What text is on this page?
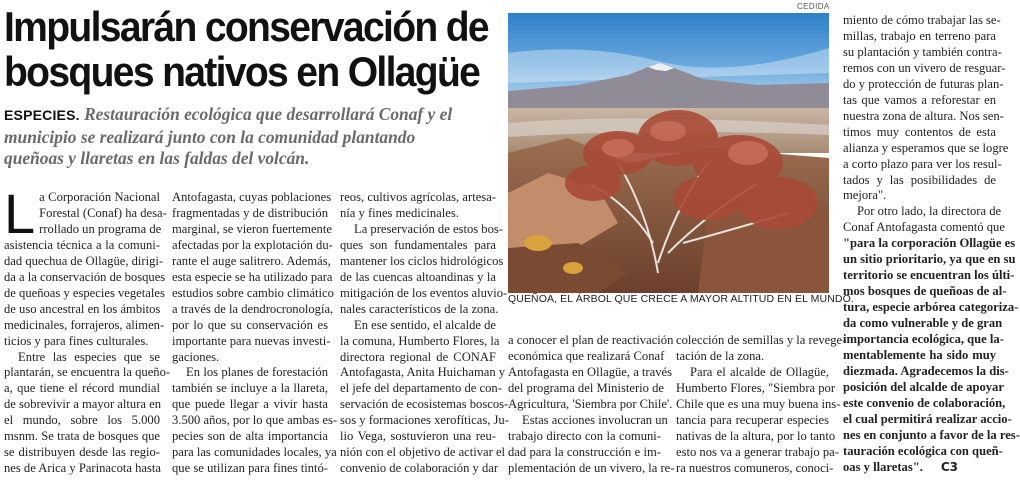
Impulsarán conservación de
bosques nativos en Ollagüe
ESPECIES. Restauración ecológica que desarrollará Conaf y el
municipio se realizará junto con la comunidad plantando
queñoas y llaretas en las faldas del volcán.
CEDIDA
QUEÑOA, EL ÁRBOL QUE CRECE A MAYOR ALTITUD EN EL MUNDO.
L a Corporación Nacional
Forestal (Conaf) ha desa-
rrollado un programa de
asistencia técnica a la comuni-
dad quechua de Ollagüe, dirigi-
da a la conservación de bosques
de queñoas y especies vegetales
de uso ancestral en los ámbitos
medicinales, forrajeros, alimen-
ticios y para fines culturales.
Entre las especies que se
plantarán, se encuentra la queño-
a, que tiene el récord mundial
de sobrevivir a mayor altura en
el mundo, sobre los 5.000
msnm. Se trata de bosques que
se distribuyen desde las regio-
nes de Arica y Parinacota hasta
Antofagasta, cuyas poblaciones
fragmentadas y de distribución
marginal, se vieron fuertemente
afectadas por la explotación du-
rante el auge salitrero. Además,
esta especie se ha utilizado para
estudios sobre cambio climático
a través de la dendrocronología,
por lo que su conservación es
importante para nuevas investi-
gaciones.
En los planes de forestación
también se incluye a la llareta,
que puede llegar a vivir hasta
3.500 años, por lo que ambas es-
pecies son de alta importancia
para las comunidades locales, ya
que se utilizan para fines tintó-
reos, cultivos agrícolas, artesa-
nía y fines medicinales.
La preservación de estos bos-
ques son fundamentales para
mantener los ciclos hidrológicos
de las cuencas altoandinas y la
mitigación de los eventos aluvio-
nales característicos de la zona.
En ese sentido, el alcalde de
la comuna, Humberto Flores, la
directora regional de CONAF
Antofagasta, Anita Huichaman y
el jefe del departamento de con-
servación de ecosistemas boscos-
sos y formaciones xerofíticas, Ju-
lio Vega, sostuvieron una reu-
nión con el objetivo de activar el
convenio de colaboración y dar
a conocer el plan de reactivación
económica que realizará Conaf
Antofagasta en Ollagüe, a través
del programa del Ministerio de
Agricultura, 'Siembra por Chile'.
Estas acciones involucran un
trabajo directo con la comuni-
dad para la construcción e im-
plementación de un vivero, la re-
colección de semillas y la revege-
tación de la zona.
Para el alcalde de Ollagüe,
Humberto Flores, "Siembra por
Chile que es una muy buena ins-
tancia para recuperar especies
nativas de la altura, por lo tanto
esto nos va a generar trabajo pa-
ra nuestros comuneros, conoci-
miento de cómo trabajar las se-
millas, trabajo en terreno para
su plantación y también contra-
remos con un vivero de resguar-
do y protección de futuras plan-
tas que vamos a reforestar en
nuestra zona de altura. Nos sen-
timos muy contentos de esta
alianza y esperamos que se logre
a corto plazo para ver los resul-
tados y las posibilidades de
mejora".
Por otro lado, la directora de
Conaf Antofagasta comentó que
"para la corporación Ollagüe es
un sitio prioritario, ya que en su
territorio se encuentran los últi-
mos bosques de queñoas de al-
tura, especie arbórea categoriza-
da como vulnerable y de gran
importancia ecológica, que la-
mentablemente ha sido muy
diezmada. Agradecemos la dis-
posición del alcalde de apoyar
este convenio de colaboración,
el cual permitirá realizar accio-
nes en conjunto a favor de la res-
tauración ecológica con queñ-
oas y llaretas". C3
